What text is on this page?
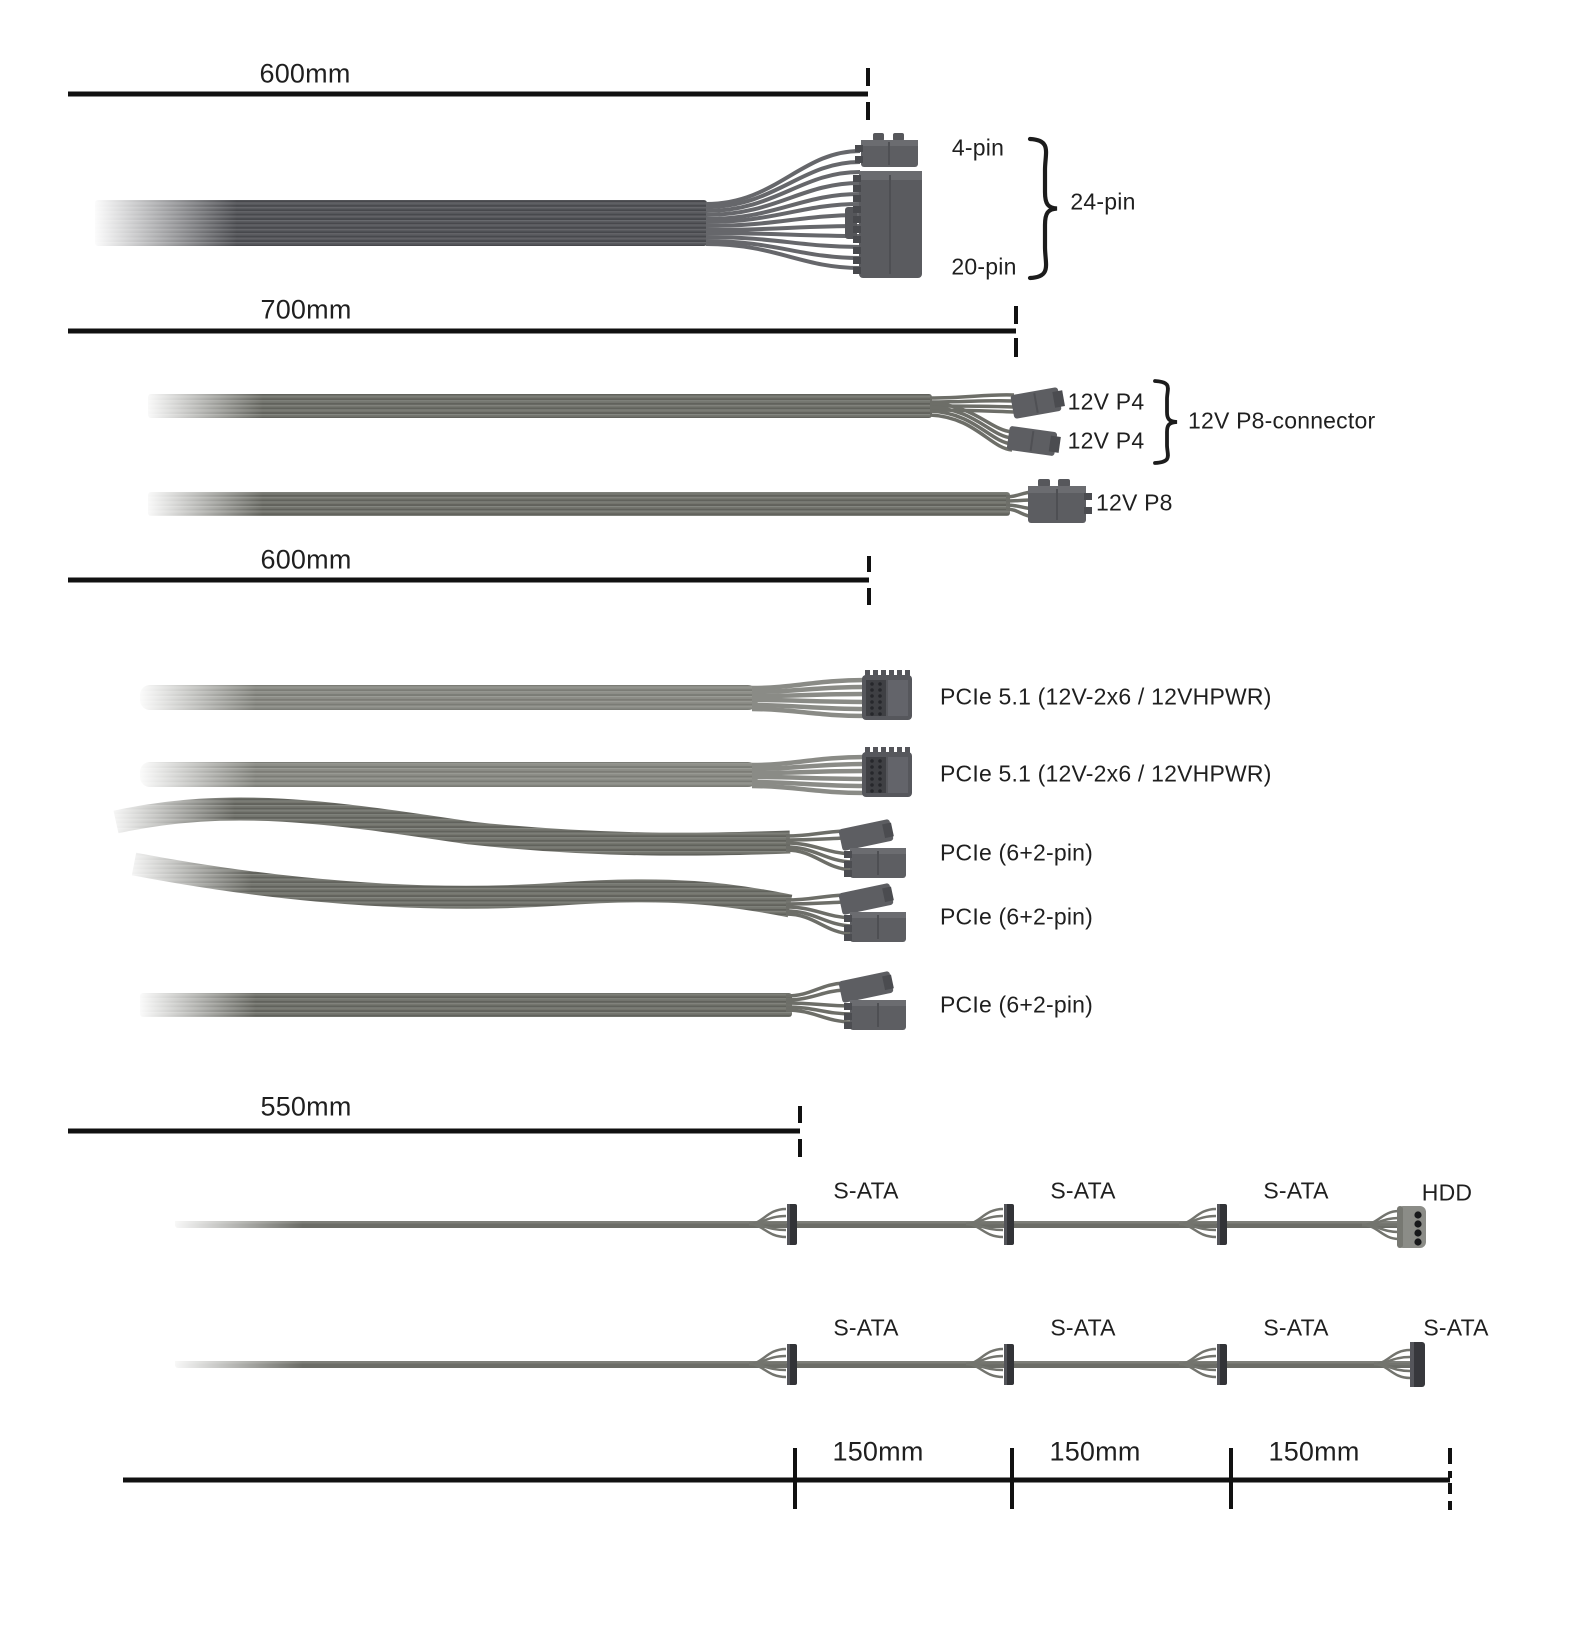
600mm
4-pin
24-pin
20-pin
700mm
12V P4
12V P4
12V P8-connector
12V P8
600mm
PCIe 5.1 (12V-2x6 / 12VHPWR)
PCIe 5.1 (12V-2x6 / 12VHPWR)
PCIe (6+2-pin)
PCIe (6+2-pin)
PCIe (6+2-pin)
550mm
S-ATA	S-ATA	S-ATA	HDD
S-ATA	S-ATA	S-ATA	S-ATA
150mm	150mm	150mm
